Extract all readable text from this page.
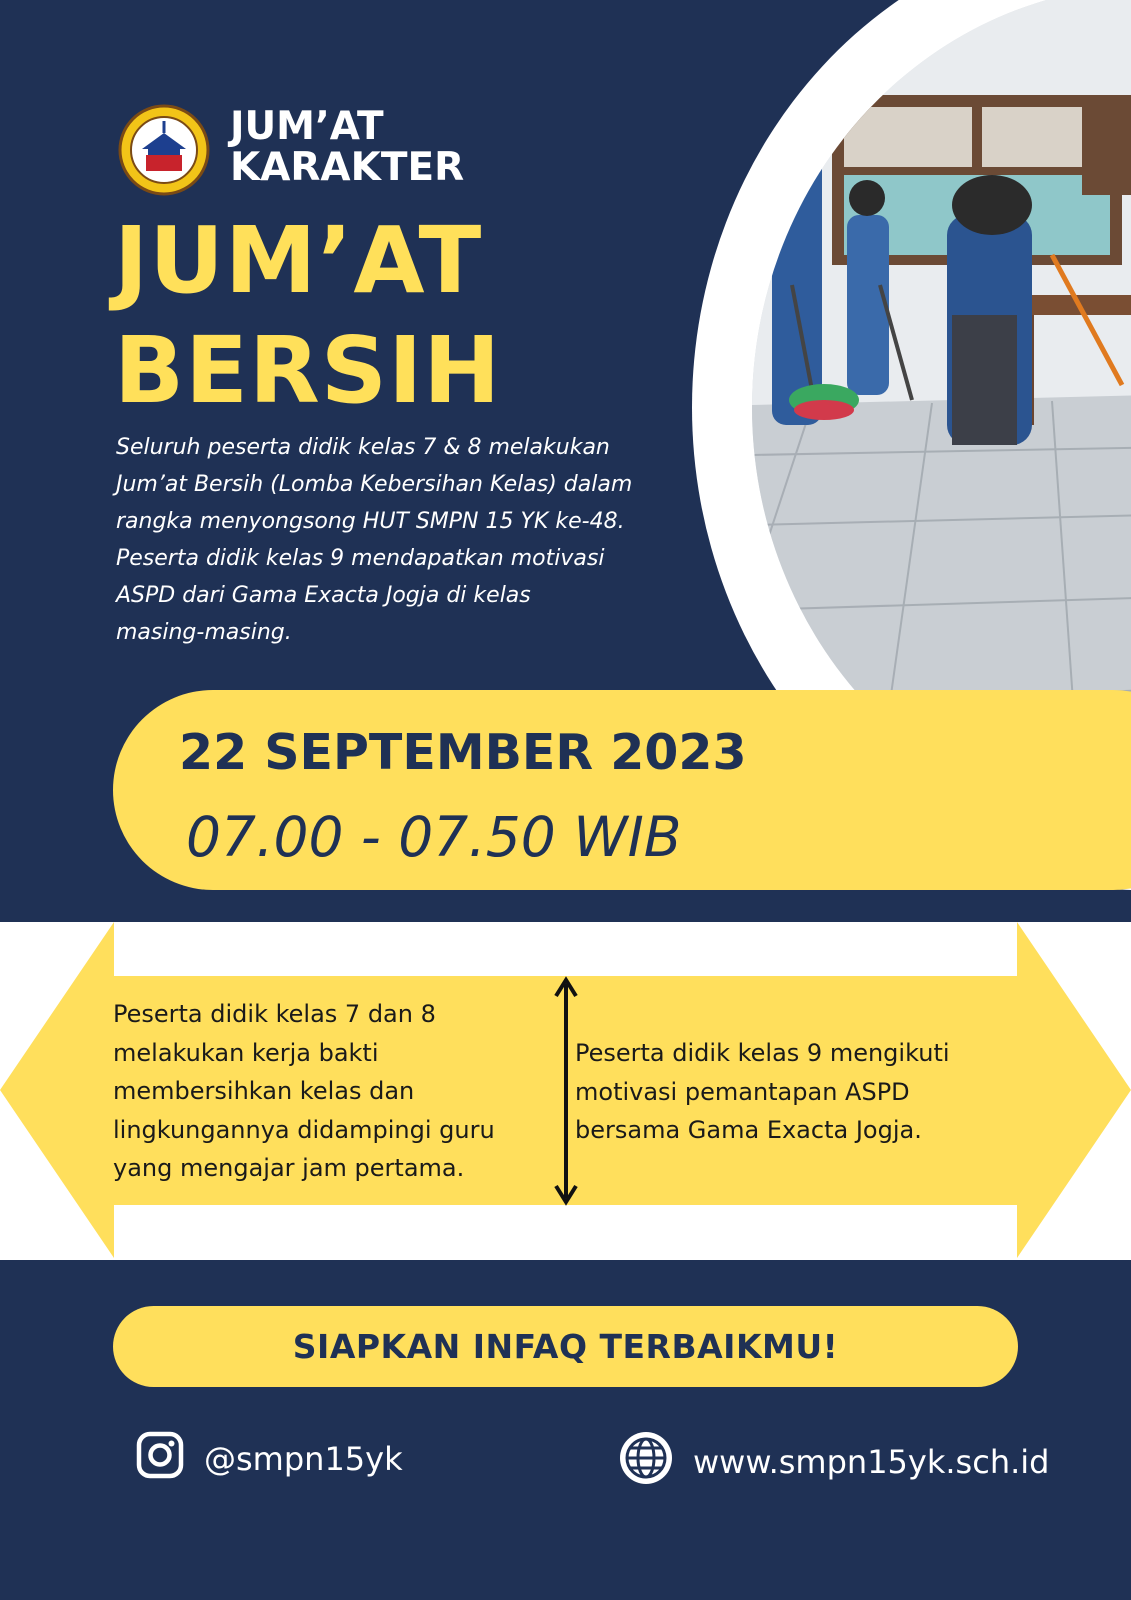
JUM’AT
KARAKTER
JUM’AT
BERSIH
Seluruh peserta didik kelas 7 & 8 melakukan
Jum’at Bersih (Lomba Kebersihan Kelas) dalam
rangka menyongsong HUT SMPN 15 YK ke-48.
Peserta didik kelas 9 mendapatkan motivasi
ASPD dari Gama Exacta Jogja di kelas
masing-masing.
22 SEPTEMBER 2023
07.00 - 07.50 WIB
Peserta didik kelas 7 dan 8
melakukan kerja bakti
membersihkan kelas dan
lingkungannya didampingi guru
yang mengajar jam pertama.
Peserta didik kelas 9 mengikuti
motivasi pemantapan ASPD
bersama Gama Exacta Jogja.
SIAPKAN INFAQ TERBAIKMU!
@smpn15yk	www.smpn15yk.sch.id
